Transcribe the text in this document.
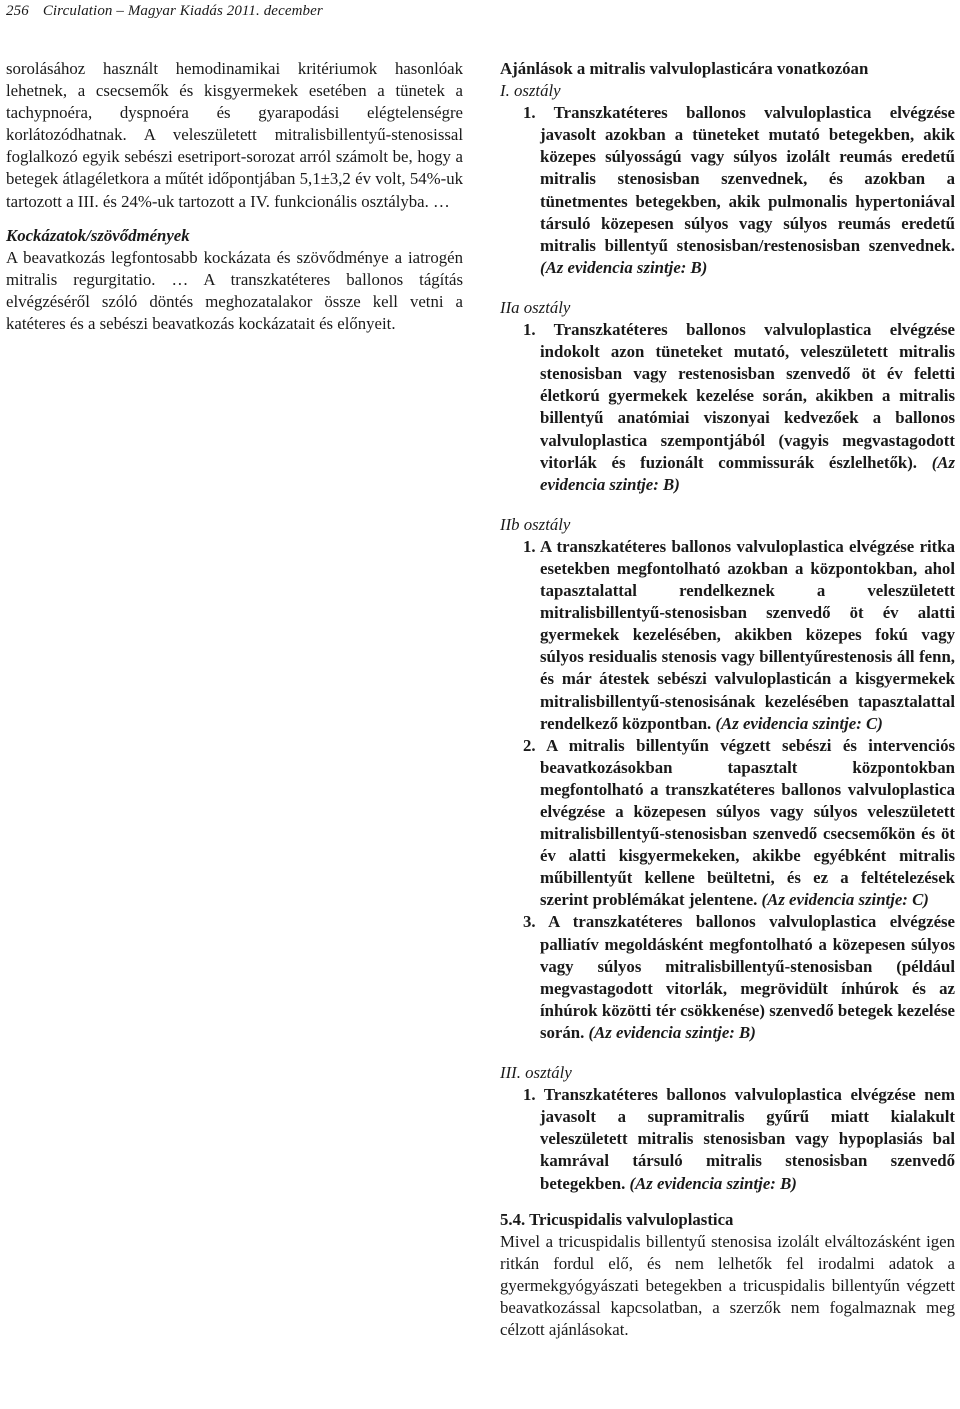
256 Circulation – Magyar Kiadás 2011. december

sorolásához használt hemodinamikai kritériumok hasonlóak lehetnek, a csecsemők és kisgyermekek esetében a tünetek a tachypnoéra, dyspnoéra és gyarapodási elégtelenségre korlátozódhatnak. A veleszületett mitralisbillentyű-stenosissal foglalkozó egyik sebészi esetriport-sorozat arról számolt be, hogy a betegek átlagéletkora a műtét időpontjában 5,1±3,2 év volt, 54%-uk tartozott a III. és 24%-uk tartozott a IV. funkcionális osztályba. …

Kockázatok/szövődmények

A beavatkozás legfontosabb kockázata és szövődménye a iatrogén mitralis regurgitatio. … A transzkatéteres ballonos tágítás elvégzéséről szóló döntés meghozatalakor össze kell vetni a katéteres és a sebészi beavatkozás kockázatait és előnyeit.

Ajánlások a mitralis valvuloplasticára vonatkozóan

I. osztály

1. Transzkatéteres ballonos valvuloplastica elvégzése javasolt azokban a tüneteket mutató betegekben, akik közepes súlyosságú vagy súlyos izolált reumás eredetű mitralis stenosisban szenvednek, és azokban a tünetmentes betegekben, akik pulmonalis hypertoniával társuló közepesen súlyos vagy súlyos reumás eredetű mitralis billentyű stenosisban/restenosisban szenvednek. (Az evidencia szintje: B)

IIa osztály

1. Transzkatéteres ballonos valvuloplastica elvégzése indokolt azon tüneteket mutató, veleszületett mitralis stenosisban vagy restenosisban szenvedő öt év feletti életkorú gyermekek kezelése során, akikben a mitralis billentyű anatómiai viszonyai kedvezőek a ballonos valvuloplastica szempontjából (vagyis megvastagodott vitorlák és fuzionált commissurák észlelhetők). (Az evidencia szintje: B)

IIb osztály

1. A transzkatéteres ballonos valvuloplastica elvégzése ritka esetekben megfontolható azokban a központokban, ahol tapasztalattal rendelkeznek a veleszületett mitralisbillentyű-stenosisban szenvedő öt év alatti gyermekek kezelésében, akikben közepes fokú vagy súlyos residualis stenosis vagy billentyűrestenosis áll fenn, és már átestek sebészi valvuloplasticán a kisgyermekek mitralisbillentyű-stenosisának kezelésében tapasztalattal rendelkező központban. (Az evidencia szintje: C)

2. A mitralis billentyűn végzett sebészi és intervenciós beavatkozásokban tapasztalt központokban megfontolható a transzkatéteres ballonos valvuloplastica elvégzése a közepesen súlyos vagy súlyos veleszületett mitralisbillentyű-stenosisban szenvedő csecsemőkön és öt év alatti kisgyermekeken, akikbe egyébként mitralis műbillentyűt kellene beültetni, és ez a feltételezések szerint problémákat jelentene. (Az evidencia szintje: C)

3. A transzkatéteres ballonos valvuloplastica elvégzése palliatív megoldásként megfontolható a közepesen súlyos vagy súlyos mitralisbillentyű-stenosisban (például megvastagodott vitorlák, megrövidült ínhúrok és az ínhúrok közötti tér csökkenése) szenvedő betegek kezelése során. (Az evidencia szintje: B)

III. osztály

1. Transzkatéteres ballonos valvuloplastica elvégzése nem javasolt a supramitralis gyűrű miatt kialakult veleszületett mitralis stenosisban vagy hypoplasiás bal kamrával társuló mitralis stenosisban szenvedő betegekben. (Az evidencia szintje: B)

5.4. Tricuspidalis valvuloplastica

Mivel a tricuspidalis billentyű stenosisa izolált elváltozásként igen ritkán fordul elő, és nem lelhetők fel irodalmi adatok a gyermekgyógyászati betegekben a tricuspidalis billentyűn végzett beavatkozással kapcsolatban, a szerzők nem fogalmaznak meg célzott ajánlásokat.
